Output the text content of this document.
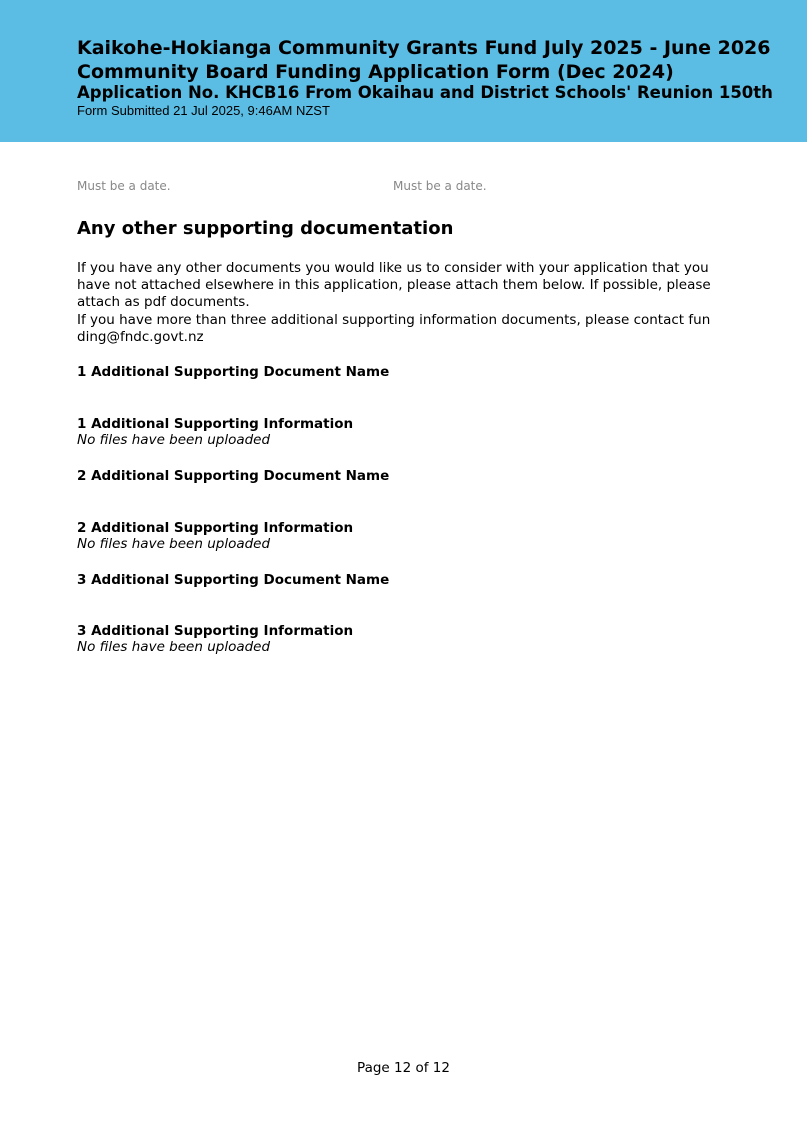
Kaikohe-Hokianga Community Grants Fund July 2025 - June 2026
Community Board Funding Application Form (Dec 2024)
Application No. KHCB16 From Okaihau and District Schools' Reunion 150th
Form Submitted 21 Jul 2025, 9:46AM NZST
Must be a date.	Must be a date.
Any other supporting documentation

If you have any other documents you would like us to consider with your application that you have not attached elsewhere in this application, please attach them below. If possible, please attach as pdf documents.

If you have more than three additional supporting information documents, please contact funding@fndc.govt.nz

1 Additional Supporting Document Name
1 Additional Supporting Information
No files have been uploaded
2 Additional Supporting Document Name
2 Additional Supporting Information
No files have been uploaded
3 Additional Supporting Document Name
3 Additional Supporting Information
No files have been uploaded
Page 12 of 12
